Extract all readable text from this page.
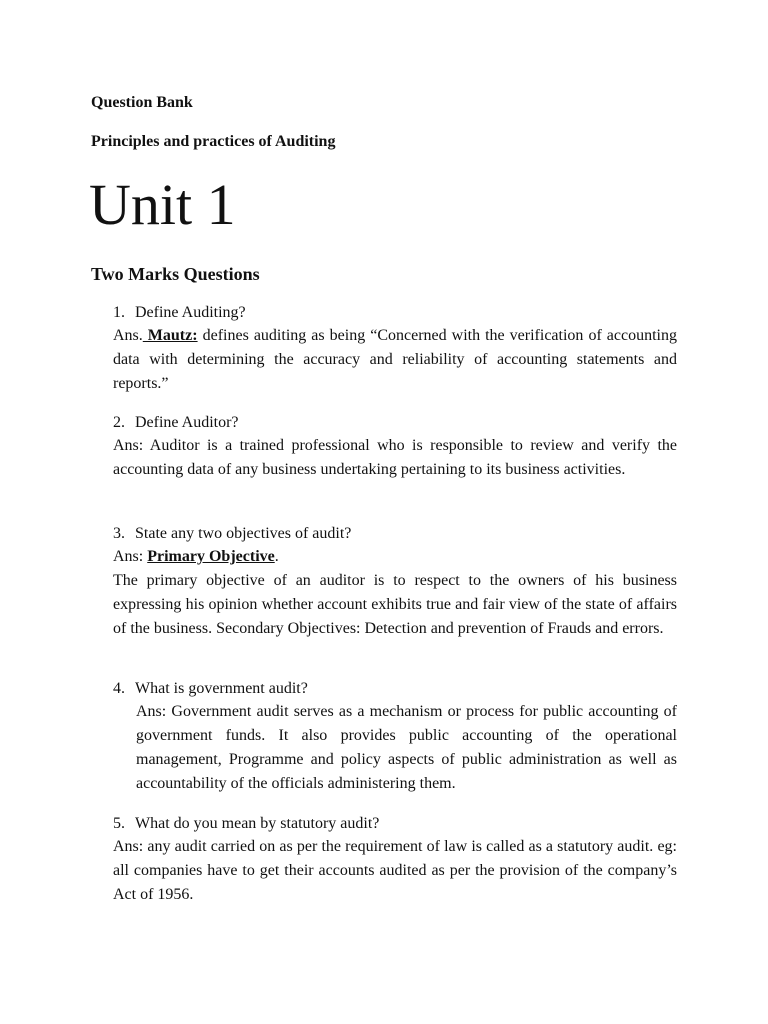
Question Bank
Principles and practices of Auditing
Unit 1
Two Marks Questions
1. Define Auditing?
Ans. Mautz: defines auditing as being “Concerned with the verification of accounting data with determining the accuracy and reliability of accounting statements and reports.”
2. Define Auditor?
Ans: Auditor is a trained professional who is responsible to review and verify the accounting data of any business undertaking pertaining to its business activities.
3. State any two objectives of audit?
Ans: Primary Objective.
The primary objective of an auditor is to respect to the owners of his business expressing his opinion whether account exhibits true and fair view of the state of affairs of the business. Secondary Objectives: Detection and prevention of Frauds and errors.
4. What is government audit?
Ans: Government audit serves as a mechanism or process for public accounting of government funds. It also provides public accounting of the operational management, Programme and policy aspects of public administration as well as accountability of the officials administering them.
5. What do you mean by statutory audit?
Ans: any audit carried on as per the requirement of law is called as a statutory audit. eg: all companies have to get their accounts audited as per the provision of the company’s Act of 1956.
